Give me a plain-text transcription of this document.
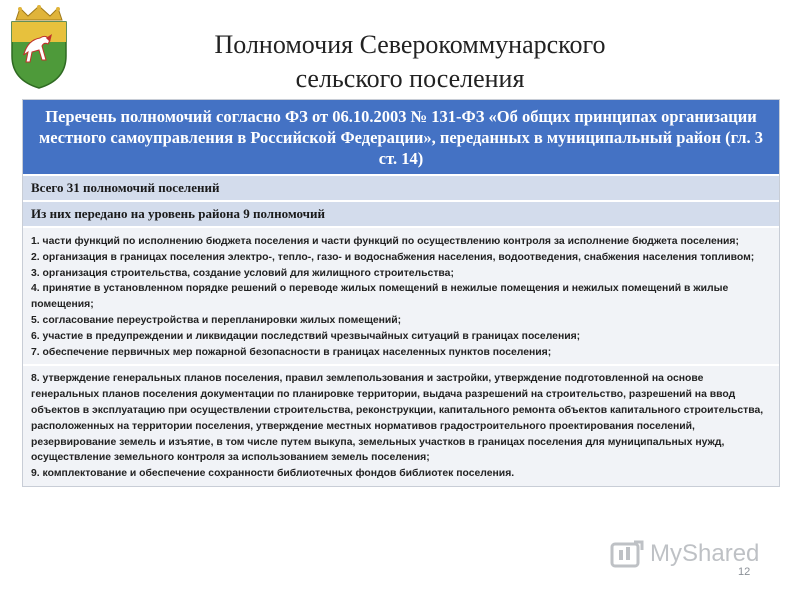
Полномочия Северокоммунарского
сельского поселения
Перечень полномочий согласно ФЗ от 06.10.2003 № 131-ФЗ «Об общих принципах организации местного самоуправления в Российской Федерации», переданных в муниципальный район (гл. 3 ст. 14)
Всего 31 полномочий поселений
Из них передано на уровень района 9 полномочий

1. части функций по исполнению бюджета поселения и части функций по осуществлению контроля за исполнение бюджета поселения;

2. организация в границах поселения электро-, тепло-, газо- и водоснабжения населения, водоотведения, снабжения населения топливом;

3. организация строительства, создание условий для жилищного строительства;

4. принятие в установленном порядке решений о переводе жилых помещений в нежилые помещения и нежилых помещений в жилые помещения;

5. согласование переустройства и перепланировки жилых помещений;

6. участие в предупреждении и ликвидации последствий чрезвычайных ситуаций в границах поселения;

7. обеспечение первичных мер пожарной безопасности в границах населенных пунктов поселения;

8. утверждение генеральных планов поселения, правил землепользования и застройки, утверждение подготовленной на основе генеральных планов поселения документации по планировке территории, выдача разрешений на строительство, разрешений на ввод объектов в эксплуатацию при осуществлении строительства, реконструкции, капитального ремонта объектов капитального строительства, расположенных на территории поселения, утверждение местных нормативов градостроительного проектирования поселений, резервирование земель и изъятие, в том числе путем выкупа, земельных участков в границах поселения для муниципальных нужд, осуществление земельного контроля за использованием земель поселения;

9. комплектование и обеспечение сохранности библиотечных фондов библиотек поселения.

MyShared
12
